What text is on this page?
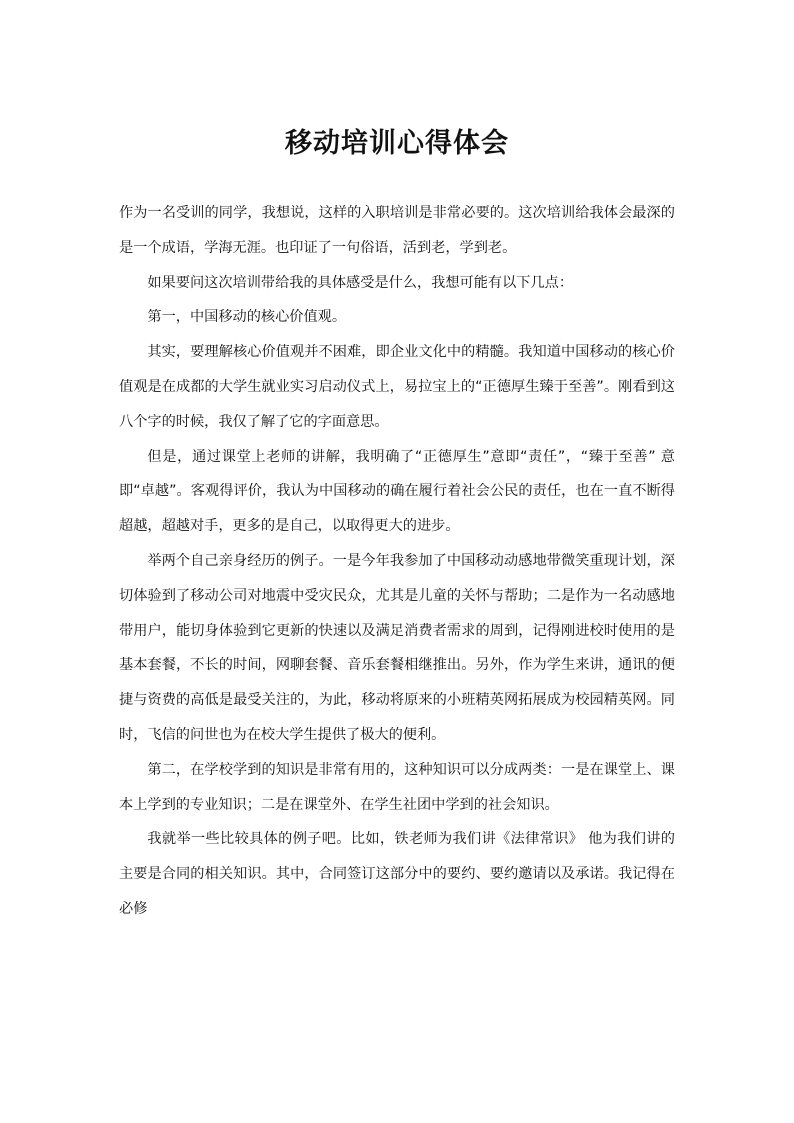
移动培训心得体会

作为一名受训的同学，我想说，这样的入职培训是非常必要的。这次培训给我体会最深的是一个成语，学海无涯。也印证了一句俗语，活到老，学到老。

如果要问这次培训带给我的具体感受是什么，我想可能有以下几点：

第一，中国移动的核心价值观。

其实，要理解核心价值观并不困难，即企业文化中的精髓。我知道中国移动的核心价值观是在成都的大学生就业实习启动仪式上，易拉宝上的“正德厚生臻于至善”。刚看到这八个字的时候，我仅了解了它的字面意思。

但是，通过课堂上老师的讲解，我明确了“正德厚生”意即“责任”，“臻于至善” 意即“卓越”。客观得评价，我认为中国移动的确在履行着社会公民的责任，也在一直不断得超越，超越对手，更多的是自己，以取得更大的进步。

举两个自己亲身经历的例子。一是今年我参加了中国移动动感地带微笑重现计划，深切体验到了移动公司对地震中受灾民众，尤其是儿童的关怀与帮助；二是作为一名动感地带用户，能切身体验到它更新的快速以及满足消费者需求的周到，记得刚进校时使用的是基本套餐，不长的时间，网聊套餐、音乐套餐相继推出。另外，作为学生来讲，通讯的便捷与资费的高低是最受关注的，为此，移动将原来的小班精英网拓展成为校园精英网。同时，飞信的问世也为在校大学生提供了极大的便利。

第二，在学校学到的知识是非常有用的，这种知识可以分成两类：一是在课堂上、课本上学到的专业知识；二是在课堂外、在学生社团中学到的社会知识。

我就举一些比较具体的例子吧。比如，铁老师为我们讲《法律常识》 他为我们讲的主要是合同的相关知识。其中，合同签订这部分中的要约、要约邀请以及承诺。我记得在必修
